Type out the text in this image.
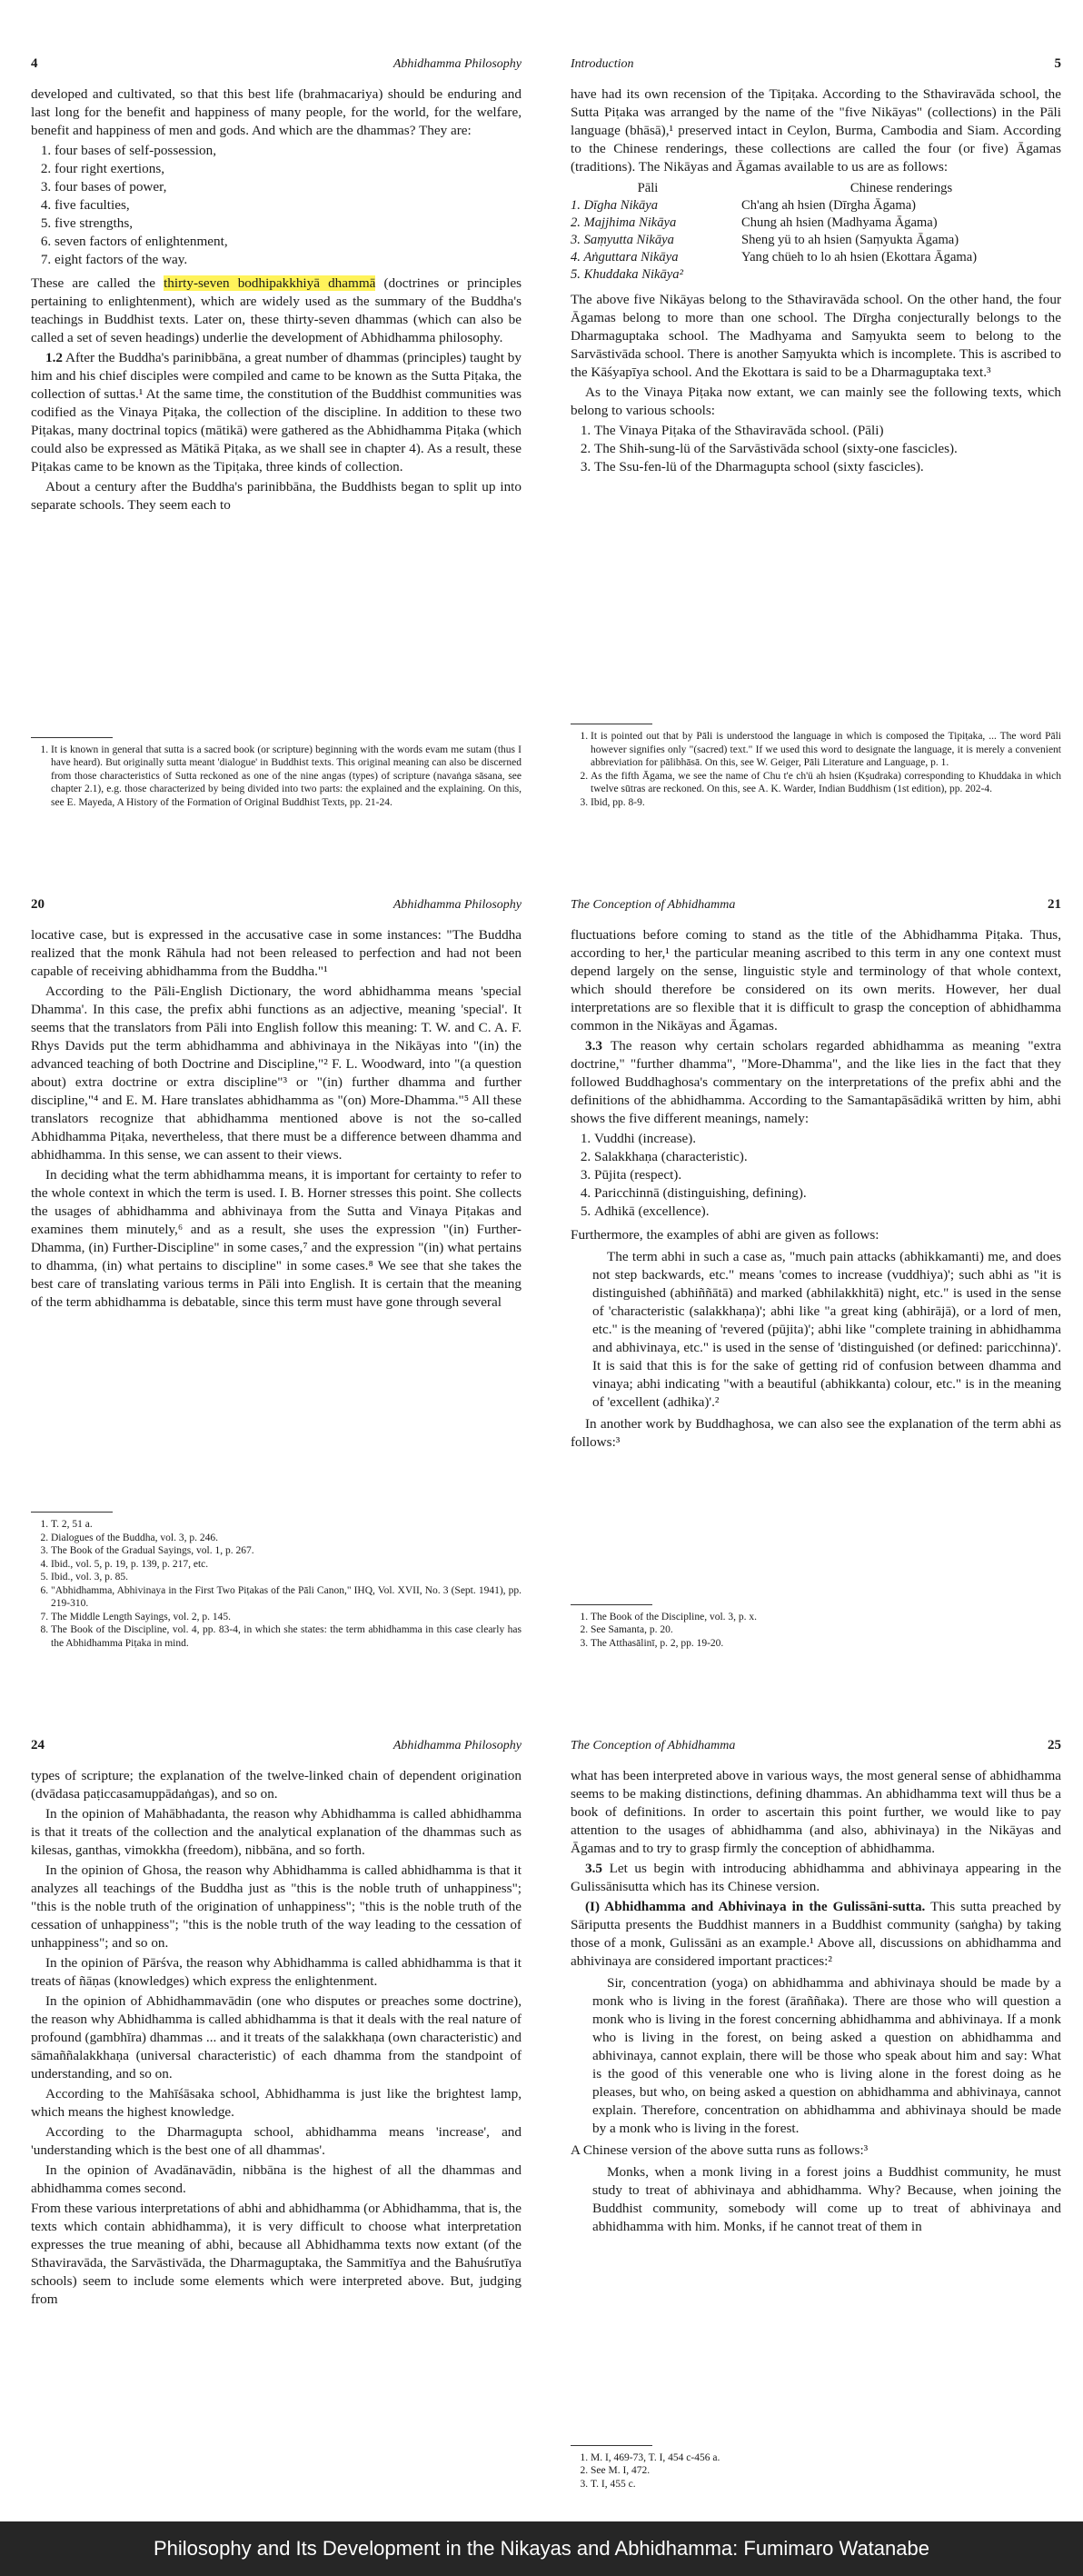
4	Abhidhamma Philosophy

developed and cultivated, so that this best life (brahmacariya) should be enduring and last long for the benefit and happiness of many people, for the world, for the welfare, benefit and happiness of men and gods. And which are the dhammas? They are:

1. four bases of self-possession,
2. four right exertions,
3. four bases of power,
4. five faculties,
5. five strengths,
6. seven factors of enlightenment,
7. eight factors of the way.

These are called the thirty-seven bodhipakkhiyā dhammā (doctrines or principles pertaining to enlightenment), which are widely used as the summary of the Buddha's teachings in Buddhist texts. Later on, these thirty-seven dhammas (which can also be called a set of seven headings) underlie the development of Abhidhamma philosophy.

1.2 After the Buddha's parinibbāna, a great number of dhammas (principles) taught by him and his chief disciples were compiled and came to be known as the Sutta Piṭaka, the collection of suttas.¹ At the same time, the constitution of the Buddhist communities was codified as the Vinaya Piṭaka, the collection of the discipline. In addition to these two Piṭakas, many doctrinal topics (mātikā) were gathered as the Abhidhamma Piṭaka (which could also be expressed as Mātikā Piṭaka, as we shall see in chapter 4). As a result, these Piṭakas came to be known as the Tipiṭaka, three kinds of collection.

About a century after the Buddha's parinibbāna, the Buddhists began to split up into separate schools. They seem each to

1. It is known in general that sutta is a sacred book (or scripture) beginning with the words evam me sutam (thus I have heard). But originally sutta meant 'dialogue' in Buddhist texts. This original meaning can also be discerned from those characteristics of Sutta reckoned as one of the nine angas (types) of scripture (navaṅga sāsana, see chapter 2.1), e.g. those characterized by being divided into two parts: the explained and the explaining. On this, see E. Mayeda, A History of the Formation of Original Buddhist Texts, pp. 21-24.
Introduction	5

have had its own recension of the Tipiṭaka. According to the Sthaviravāda school, the Sutta Piṭaka was arranged by the name of the "five Nikāyas" (collections) in the Pāli language (bhāsā),¹ preserved intact in Ceylon, Burma, Cambodia and Siam. According to the Chinese renderings, these collections are called the four (or five) Āgamas (traditions). The Nikāyas and Āgamas available to us are as follows:

Pāli	Chinese renderings
1. Dīgha Nikāya	Ch'ang ah hsien (Dīrgha Āgama)
2. Majjhima Nikāya	Chung ah hsien (Madhyama Āgama)
3. Saṃyutta Nikāya	Sheng yü to ah hsien (Saṃyukta Āgama)
4. Aṅguttara Nikāya	Yang chüeh to lo ah hsien (Ekottara Āgama)
5. Khuddaka Nikāya²

The above five Nikāyas belong to the Sthaviravāda school. On the other hand, the four Āgamas belong to more than one school. The Dīrgha conjecturally belongs to the Dharmaguptaka school. The Madhyama and Saṃyukta seem to belong to the Sarvāstivāda school. There is another Saṃyukta which is incomplete. This is ascribed to the Kāśyapīya school. And the Ekottara is said to be a Dharmaguptaka text.³

As to the Vinaya Piṭaka now extant, we can mainly see the following texts, which belong to various schools:

1. The Vinaya Piṭaka of the Sthaviravāda school. (Pāli)
2. The Shih-sung-lü of the Sarvāstivāda school (sixty-one fascicles).
3. The Ssu-fen-lü of the Dharmagupta school (sixty fascicles).
1. It is pointed out that by Pāli is understood the language in which is composed the Tipiṭaka, ... The word Pāli however signifies only "(sacred) text." If we used this word to designate the language, it is merely a convenient abbreviation for pālibhāsā. On this, see W. Geiger, Pāli Literature and Language, p. 1.
2. As the fifth Āgama, we see the name of Chu t'e ch'ü ah hsien (Kṣudraka) corresponding to Khuddaka in which twelve sūtras are reckoned. On this, see A. K. Warder, Indian Buddhism (1st edition), pp. 202-4.
3. Ibid, pp. 8-9.
20	Abhidhamma Philosophy

locative case, but is expressed in the accusative case in some instances: "The Buddha realized that the monk Rāhula had not been released to perfection and had not been capable of receiving abhidhamma from the Buddha."¹

According to the Pāli-English Dictionary, the word abhidhamma means 'special Dhamma'. In this case, the prefix abhi functions as an adjective, meaning 'special'. It seems that the translators from Pāli into English follow this meaning: T. W. and C. A. F. Rhys Davids put the term abhidhamma and abhivinaya in the Nikāyas into "(in) the advanced teaching of both Doctrine and Discipline,"² F. L. Woodward, into "(a question about) extra doctrine or extra discipline"³ or "(in) further dhamma and further discipline,"⁴ and E. M. Hare translates abhidhamma as "(on) More-Dhamma."⁵ All these translators recognize that abhidhamma mentioned above is not the so-called Abhidhamma Piṭaka, nevertheless, that there must be a difference between dhamma and abhidhamma. In this sense, we can assent to their views.

In deciding what the term abhidhamma means, it is important for certainty to refer to the whole context in which the term is used. I. B. Horner stresses this point. She collects the usages of abhidhamma and abhivinaya from the Sutta and Vinaya Piṭakas and examines them minutely,⁶ and as a result, she uses the expression "(in) Further-Dhamma, (in) Further-Discipline" in some cases,⁷ and the expression "(in) what pertains to dhamma, (in) what pertains to discipline" in some cases.⁸ We see that she takes the best care of translating various terms in Pāli into English. It is certain that the meaning of the term abhidhamma is debatable, since this term must have gone through several

1. T. 2, 51 a.
2. Dialogues of the Buddha, vol. 3, p. 246.
3. The Book of the Gradual Sayings, vol. 1, p. 267.
4. Ibid., vol. 5, p. 19, p. 139, p. 217, etc.
5. Ibid., vol. 3, p. 85.
6. "Abhidhamma, Abhivinaya in the First Two Piṭakas of the Pāli Canon," IHQ, Vol. XVII, No. 3 (Sept. 1941), pp. 219-310.
7. The Middle Length Sayings, vol. 2, p. 145.
8. The Book of the Discipline, vol. 4, pp. 83-4, in which she states: the term abhidhamma in this case clearly has the Abhidhamma Piṭaka in mind.
The Conception of Abhidhamma	21

fluctuations before coming to stand as the title of the Abhidhamma Piṭaka. Thus, according to her,¹ the particular meaning ascribed to this term in any one context must depend largely on the sense, linguistic style and terminology of that whole context, which should therefore be considered on its own merits. However, her dual interpretations are so flexible that it is difficult to grasp the conception of abhidhamma common in the Nikāyas and Āgamas.

3.3 The reason why certain scholars regarded abhidhamma as meaning "extra doctrine," "further dhamma", "More-Dhamma", and the like lies in the fact that they followed Buddhaghosa's commentary on the interpretations of the prefix abhi and the definitions of the abhidhamma. According to the Samantapāsādikā written by him, abhi shows the five different meanings, namely:

1. Vuddhi (increase).
2. Salakkhaṇa (characteristic).
3. Pūjita (respect).
4. Paricchinnā (distinguishing, defining).
5. Adhikā (excellence).

Furthermore, the examples of abhi are given as follows:

The term abhi in such a case as, "much pain attacks (abhikkamanti) me, and does not step backwards, etc." means 'comes to increase (vuddhiya)'; such abhi as "it is distinguished (abhiññātā) and marked (abhilakkhitā) night, etc." is used in the sense of 'characteristic (salakkhaṇa)'; abhi like "a great king (abhirājā), or a lord of men, etc." is the meaning of 'revered (pūjita)'; abhi like "complete training in abhidhamma and abhivinaya, etc." is used in the sense of 'distinguished (or defined: paricchinna)'. It is said that this is for the sake of getting rid of confusion between dhamma and vinaya; abhi indicating "with a beautiful (abhikkanta) colour, etc." is in the meaning of 'excellent (adhika)'.²

In another work by Buddhaghosa, we can also see the explanation of the term abhi as follows:³

1. The Book of the Discipline, vol. 3, p. x.
2. See Samanta, p. 20.
3. The Atthasālinī, p. 2, pp. 19-20.
24	Abhidhamma Philosophy

types of scripture; the explanation of the twelve-linked chain of dependent origination (dvādasa paṭiccasamuppādaṅgas), and so on.

In the opinion of Mahābhadanta, the reason why Abhidhamma is called abhidhamma is that it treats of the collection and the analytical explanation of the dhammas such as kilesas, ganthas, vimokkha (freedom), nibbāna, and so forth.

In the opinion of Ghosa, the reason why Abhidhamma is called abhidhamma is that it analyzes all teachings of the Buddha just as "this is the noble truth of unhappiness"; "this is the noble truth of the origination of unhappiness"; "this is the noble truth of the cessation of unhappiness"; "this is the noble truth of the way leading to the cessation of unhappiness"; and so on.

In the opinion of Pārśva, the reason why Abhidhamma is called abhidhamma is that it treats of ñāṇas (knowledges) which express the enlightenment.

In the opinion of Abhidhammavādin (one who disputes or preaches some doctrine), the reason why Abhidhamma is called abhidhamma is that it deals with the real nature of profound (gambhīra) dhammas ... and it treats of the salakkhaṇa (own characteristic) and sāmaññalakkhaṇa (universal characteristic) of each dhamma from the standpoint of understanding, and so on.

According to the Mahīśāsaka school, Abhidhamma is just like the brightest lamp, which means the highest knowledge.

According to the Dharmagupta school, abhidhamma means 'increase', and 'understanding which is the best one of all dhammas'.

In the opinion of Avadānavādin, nibbāna is the highest of all the dhammas and abhidhamma comes second.

From these various interpretations of abhi and abhidhamma (or Abhidhamma, that is, the texts which contain abhidhamma), it is very difficult to choose what interpretation expresses the true meaning of abhi, because all Abhidhamma texts now extant (of the Sthaviravāda, the Sarvāstivāda, the Dharmaguptaka, the Sammitīya and the Bahuśrutīya schools) seem to include some elements which were interpreted above. But, judging from

The Conception of Abhidhamma	25

what has been interpreted above in various ways, the most general sense of abhidhamma seems to be making distinctions, defining dhammas. An abhidhamma text will thus be a book of definitions. In order to ascertain this point further, we would like to pay attention to the usages of abhidhamma (and also, abhivinaya) in the Nikāyas and Āgamas and to try to grasp firmly the conception of abhidhamma.

3.5 Let us begin with introducing abhidhamma and abhivinaya appearing in the Gulissānisutta which has its Chinese version.

(I) Abhidhamma and Abhivinaya in the Gulissāni-sutta. This sutta preached by Sāriputta presents the Buddhist manners in a Buddhist community (saṅgha) by taking those of a monk, Gulissāni as an example.¹ Above all, discussions on abhidhamma and abhivinaya are considered important practices:²

Sir, concentration (yoga) on abhidhamma and abhivinaya should be made by a monk who is living in the forest (āraññaka). There are those who will question a monk who is living in the forest concerning abhidhamma and abhivinaya. If a monk who is living in the forest, on being asked a question on abhidhamma and abhivinaya, cannot explain, there will be those who speak about him and say: What is the good of this venerable one who is living alone in the forest doing as he pleases, but who, on being asked a question on abhidhamma and abhivinaya, cannot explain. Therefore, concentration on abhidhamma and abhivinaya should be made by a monk who is living in the forest.

A Chinese version of the above sutta runs as follows:³

Monks, when a monk living in a forest joins a Buddhist community, he must study to treat of abhivinaya and abhidhamma. Why? Because, when joining the Buddhist community, somebody will come up to treat of abhivinaya and abhidhamma with him. Monks, if he cannot treat of them in

1. M. I, 469-73, T. I, 454 c-456 a.
2. See M. I, 472.
3. T. I, 455 c.
Philosophy and Its Development in the Nikayas and Abhidhamma: Fumimaro Watanabe
